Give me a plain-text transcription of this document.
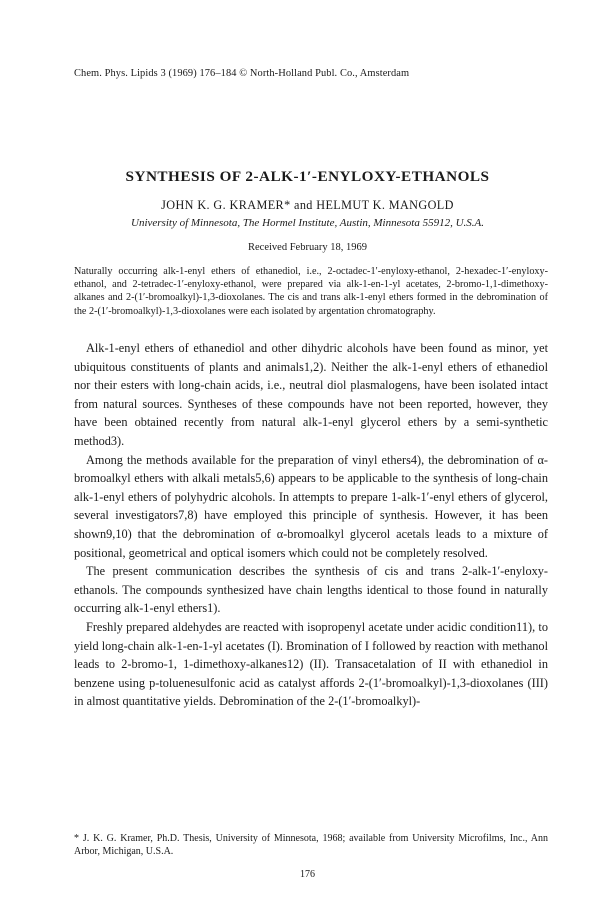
Chem. Phys. Lipids 3 (1969) 176–184 © North-Holland Publ. Co., Amsterdam
SYNTHESIS OF 2-ALK-1′-ENYLOXY-ETHANOLS
JOHN K. G. KRAMER* and HELMUT K. MANGOLD
University of Minnesota, The Hormel Institute, Austin, Minnesota 55912, U.S.A.
Received February 18, 1969
Naturally occurring alk-1-enyl ethers of ethanediol, i.e., 2-octadec-1′-enyloxy-ethanol, 2-hexadec-1′-enyloxy-ethanol, and 2-tetradec-1′-enyloxy-ethanol, were prepared via alk-1-en-1-yl acetates, 2-bromo-1,1-dimethoxy-alkanes and 2-(1′-bromoalkyl)-1,3-dioxolanes. The cis and trans alk-1-enyl ethers formed in the debromination of the 2-(1′-bromoalkyl)-1,3-dioxolanes were each isolated by argentation chromatography.

Alk-1-enyl ethers of ethanediol and other dihydric alcohols have been found as minor, yet ubiquitous constituents of plants and animals1,2). Neither the alk-1-enyl ethers of ethanediol nor their esters with long-chain acids, i.e., neutral diol plasmalogens, have been isolated intact from natural sources. Syntheses of these compounds have not been reported, however, they have been obtained recently from natural alk-1-enyl glycerol ethers by a semi-synthetic method3).

Among the methods available for the preparation of vinyl ethers4), the debromination of α-bromoalkyl ethers with alkali metals5,6) appears to be applicable to the synthesis of long-chain alk-1-enyl ethers of polyhydric alcohols. In attempts to prepare 1-alk-1′-enyl ethers of glycerol, several investigators7,8) have employed this principle of synthesis. However, it has been shown9,10) that the debromination of α-bromoalkyl glycerol acetals leads to a mixture of positional, geometrical and optical isomers which could not be completely resolved.

The present communication describes the synthesis of cis and trans 2-alk-1′-enyloxy-ethanols. The compounds synthesized have chain lengths identical to those found in naturally occurring alk-1-enyl ethers1).

Freshly prepared aldehydes are reacted with isopropenyl acetate under acidic condition11), to yield long-chain alk-1-en-1-yl acetates (I). Bromination of I followed by reaction with methanol leads to 2-bromo-1, 1-dimethoxy-alkanes12) (II). Transacetalation of II with ethanediol in benzene using p-toluenesulfonic acid as catalyst affords 2-(1′-bromoalkyl)-1,3-dioxolanes (III) in almost quantitative yields. Debromination of the 2-(1′-bromoalkyl)-

* J. K. G. Kramer, Ph.D. Thesis, University of Minnesota, 1968; available from University Microfilms, Inc., Ann Arbor, Michigan, U.S.A.
176
